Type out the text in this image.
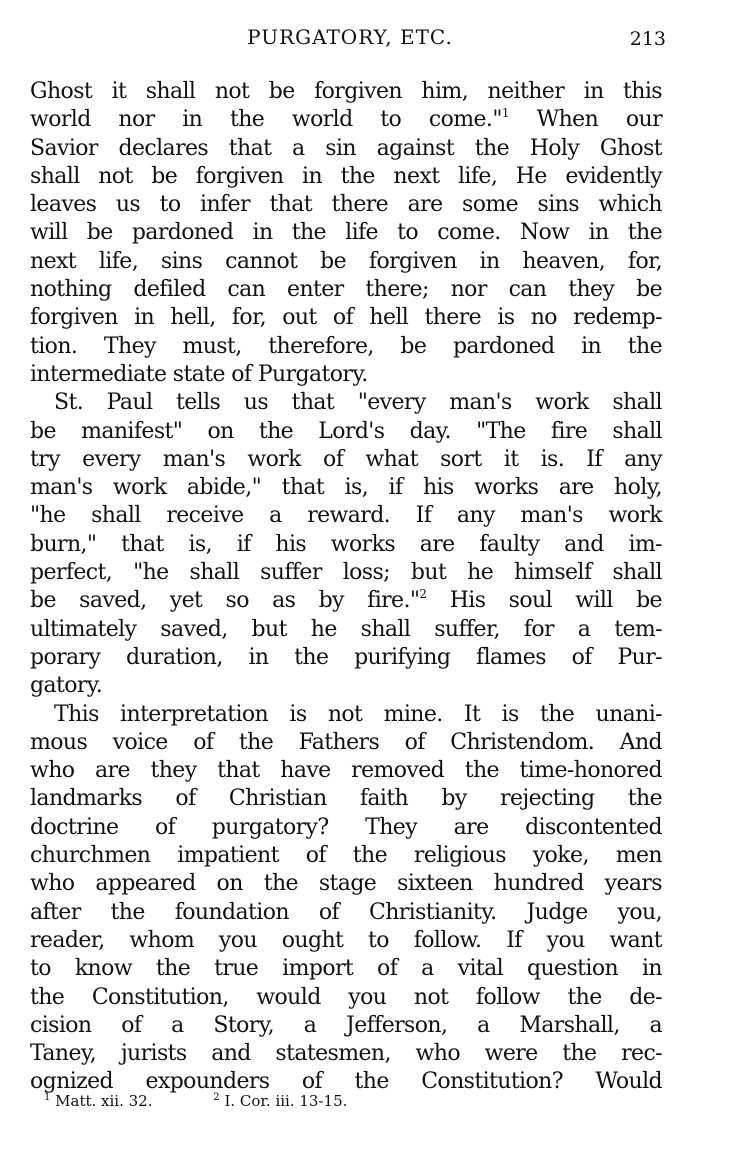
PURGATORY, ETC.	213
Ghost it shall not be forgiven him, neither in this
world nor in the world to come."$^1$ When our
Savior declares that a sin against the Holy Ghost
shall not be forgiven in the next life, He evidently
leaves us to infer that there are some sins which
will be pardoned in the life to come. Now in the
next life, sins cannot be forgiven in heaven, for,
nothing defiled can enter there; nor can they be
forgiven in hell, for, out of hell there is no redemp-
tion. They must, therefore, be pardoned in the
intermediate state of Purgatory.
St. Paul tells us that "every man's work shall
be manifest" on the Lord's day. "The fire shall
try every man's work of what sort it is. If any
man's work abide," that is, if his works are holy,
"he shall receive a reward. If any man's work
burn," that is, if his works are faulty and im-
perfect, "he shall suffer loss; but he himself shall
be saved, yet so as by fire."$^2$ His soul will be
ultimately saved, but he shall suffer, for a tem-
porary duration, in the purifying flames of Pur-
gatory.
This interpretation is not mine. It is the unani-
mous voice of the Fathers of Christendom. And
who are they that have removed the time-honored
landmarks of Christian faith by rejecting the
doctrine of purgatory? They are discontented
churchmen impatient of the religious yoke, men
who appeared on the stage sixteen hundred years
after the foundation of Christianity. Judge you,
reader, whom you ought to follow. If you want
to know the true import of a vital question in
the Constitution, would you not follow the de-
cision of a Story, a Jefferson, a Marshall, a
Taney, jurists and statesmen, who were the rec-
ognized expounders of the Constitution? Would
$^1$ Matt. xii. 32.	$^2$ I. Cor. iii. 13-15.
